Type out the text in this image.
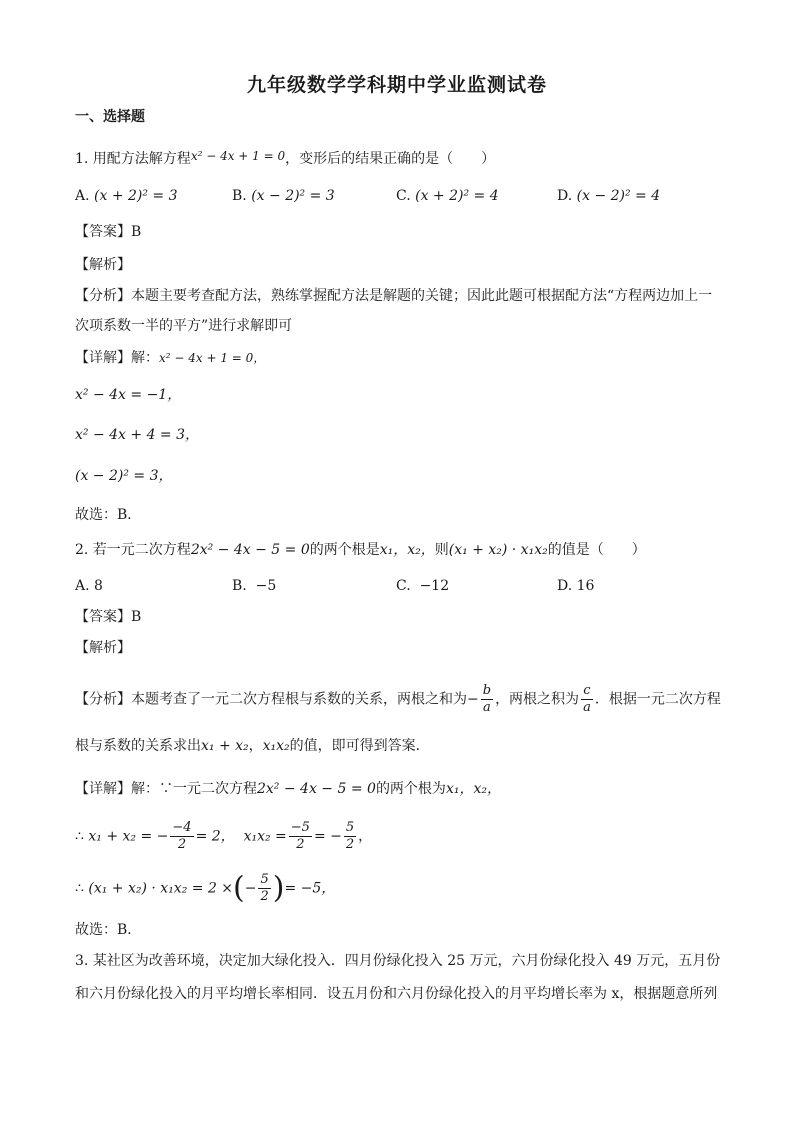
九年级数学学科期中学业监测试卷
一、选择题
1. 用配方法解方程x² − 4x + 1 = 0，变形后的结果正确的是（　　）
A. (x + 2)² = 3	B. (x − 2)² = 3	C. (x + 2)² = 4	D. (x − 2)² = 4
【答案】B
【解析】
【分析】本题主要考查配方法，熟练掌握配方法是解题的关键；因此此题可根据配方法“方程两边加上一
次项系数一半的平方”进行求解即可
【详解】解：x² − 4x + 1 = 0，
x² − 4x = −1，
x² − 4x + 4 = 3，
(x − 2)² = 3，
故选：B．
2. 若一元二次方程2x² − 4x − 5 = 0的两个根是x₁，x₂，则(x₁ + x₂) · x₁x₂的值是（　　）
A. 8	B. −5	C. −12	D. 16
【答案】B
【解析】
【分析】本题考查了一元二次方程根与系数的关系，两根之和为− $\frac{b}{a}$ ，两根之积为 $\frac{c}{a}$ ．根据一元二次方程
根与系数的关系求出x₁ + x₂，x₁x₂的值，即可得到答案．
【详解】解：∵一元二次方程2x² − 4x − 5 = 0的两个根为x₁，x₂，
∴ x₁ + x₂ = − $\frac{-4}{2} = 2$， $x_1x_2 = \frac{-5}{2}$ = − $\frac{5}{2}$ ，
∴ (x₁ + x₂) · x₁x₂ = 2 ×(− $\frac{5}{2}$ )= −5，
故选：B．
3. 某社区为改善环境，决定加大绿化投入．四月份绿化投入 25 万元，六月份绿化投入 49 万元，五月份
和六月份绿化投入的月平均增长率相同．设五月份和六月份绿化投入的月平均增长率为 x，根据题意所列
